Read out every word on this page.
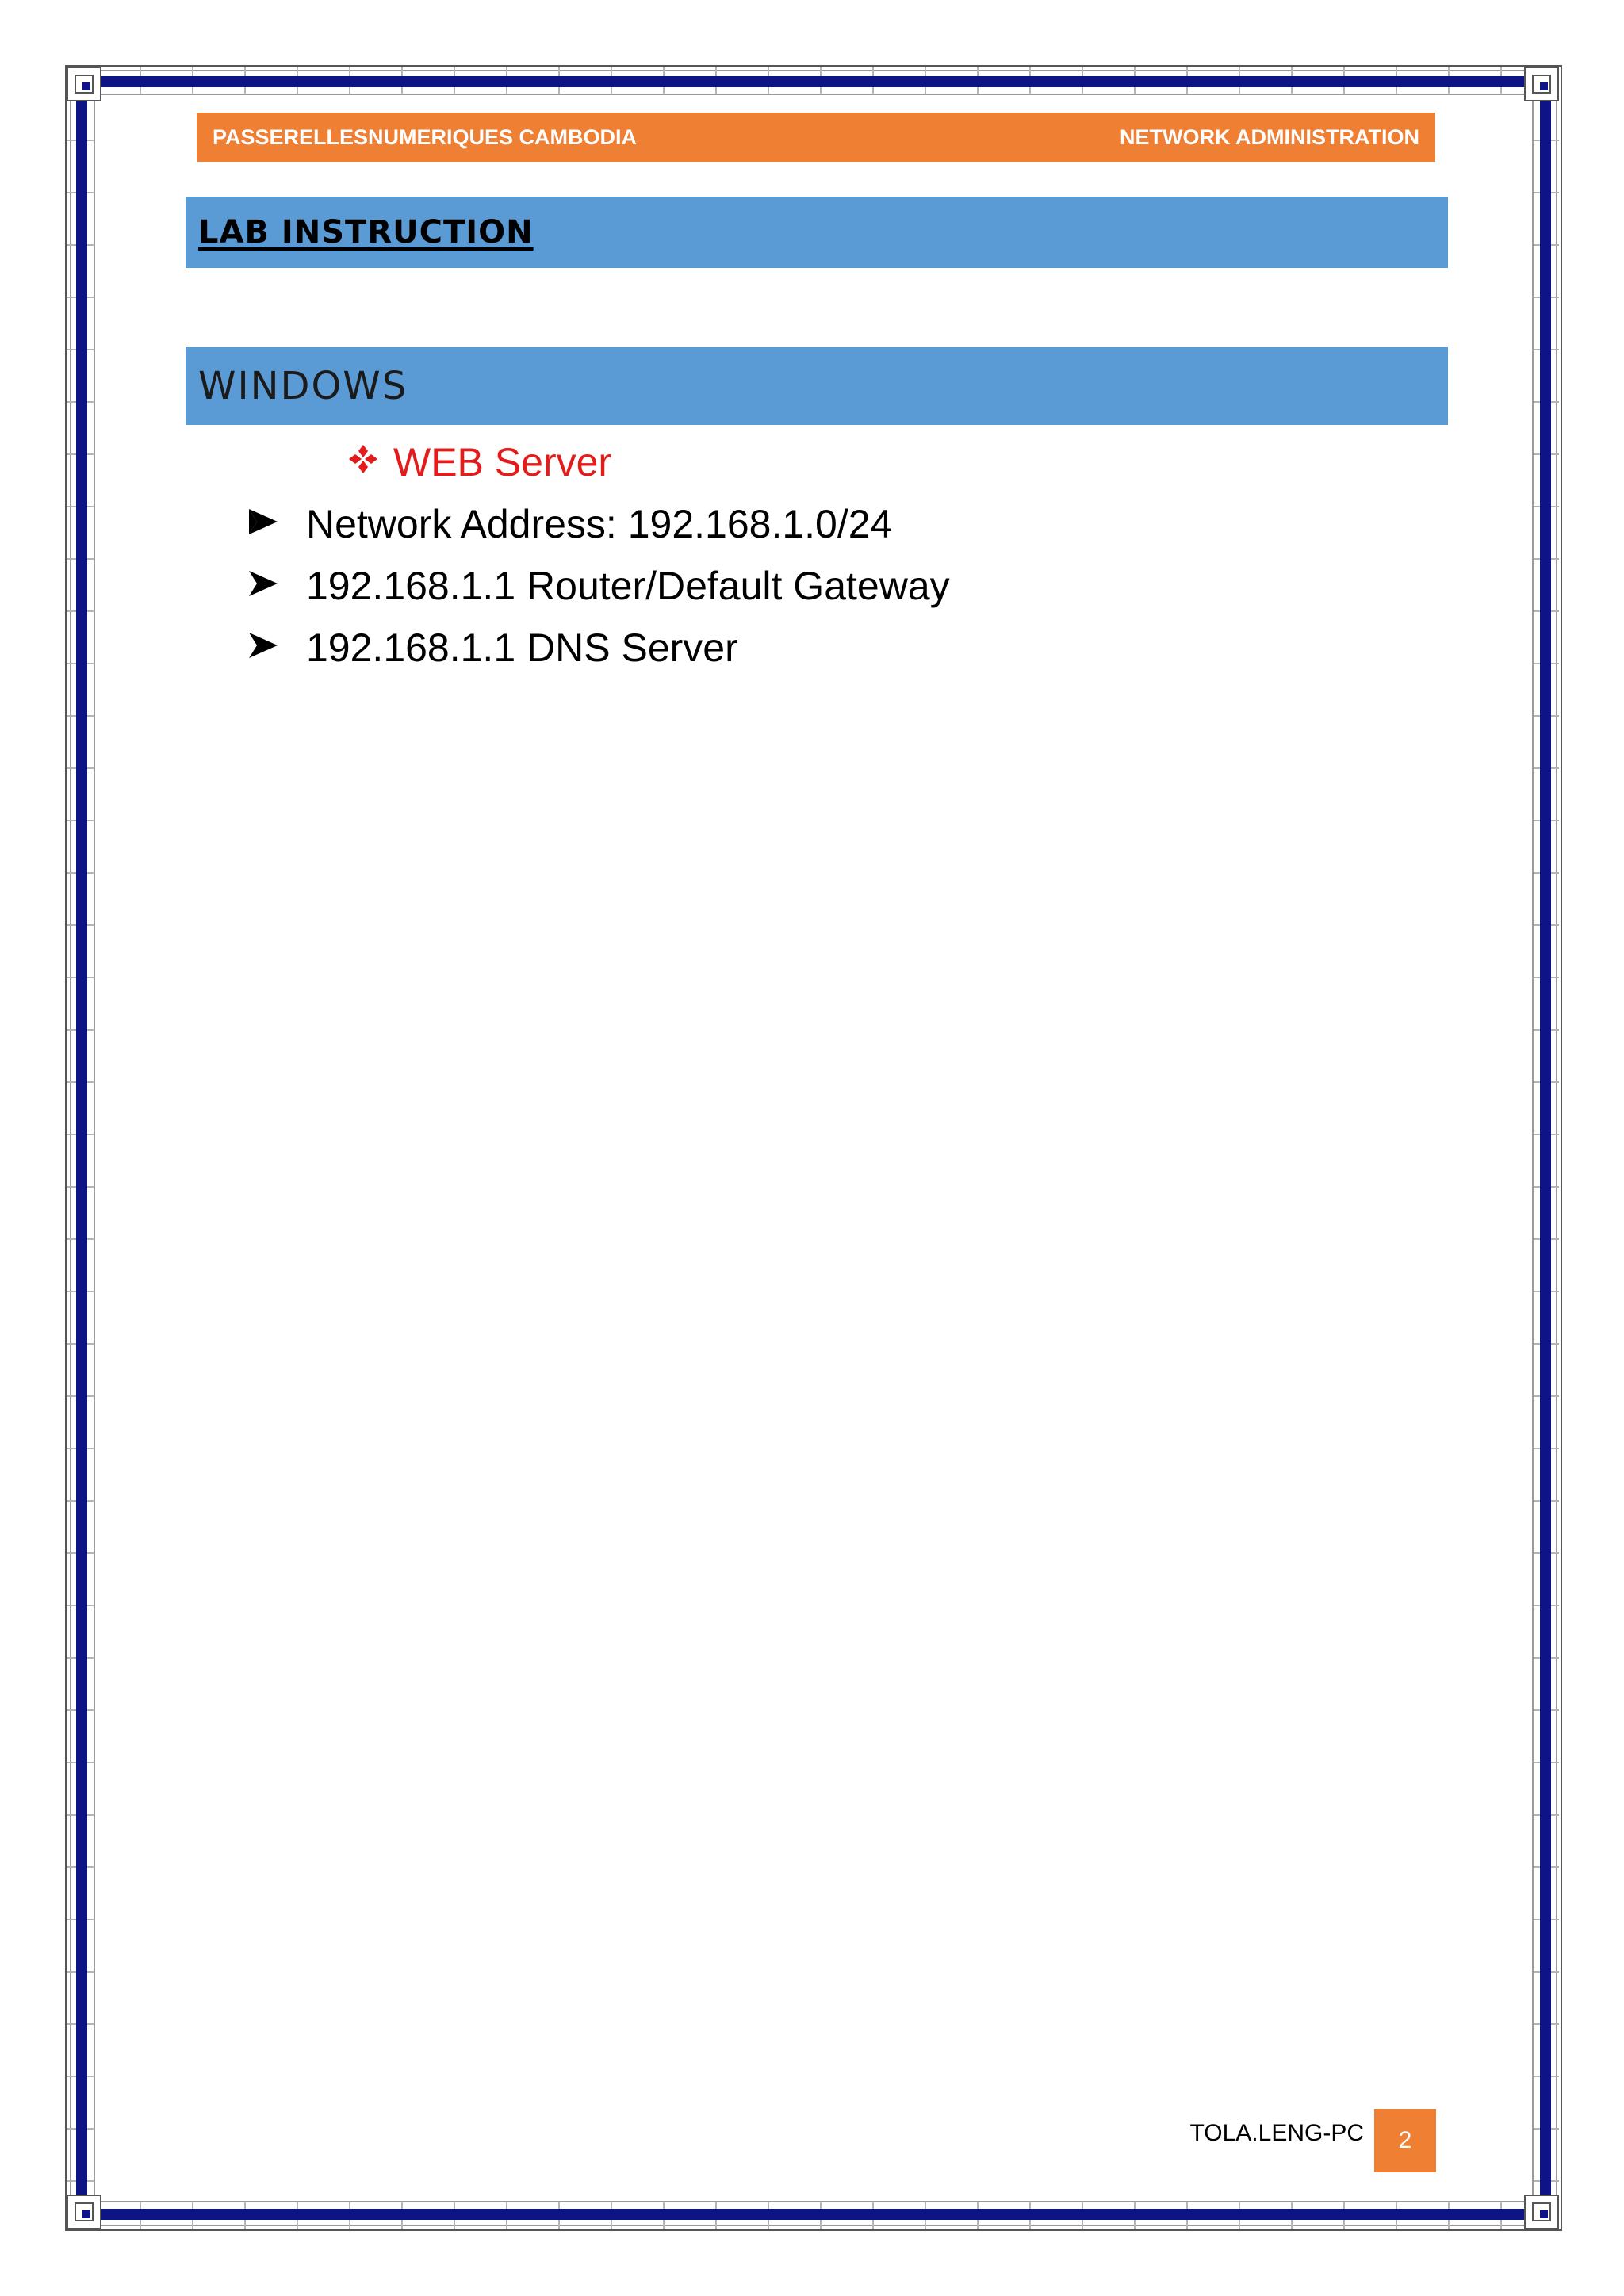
PASSERELLESNUMERIQUES CAMBODIA	NETWORK ADMINISTRATION
LAB INSTRUCTION
WINDOWS
WEB Server
Network Address: 192.168.1.0/24
192.168.1.1 Router/Default Gateway
192.168.1.1 DNS Server
TOLA.LENG-PC 2
